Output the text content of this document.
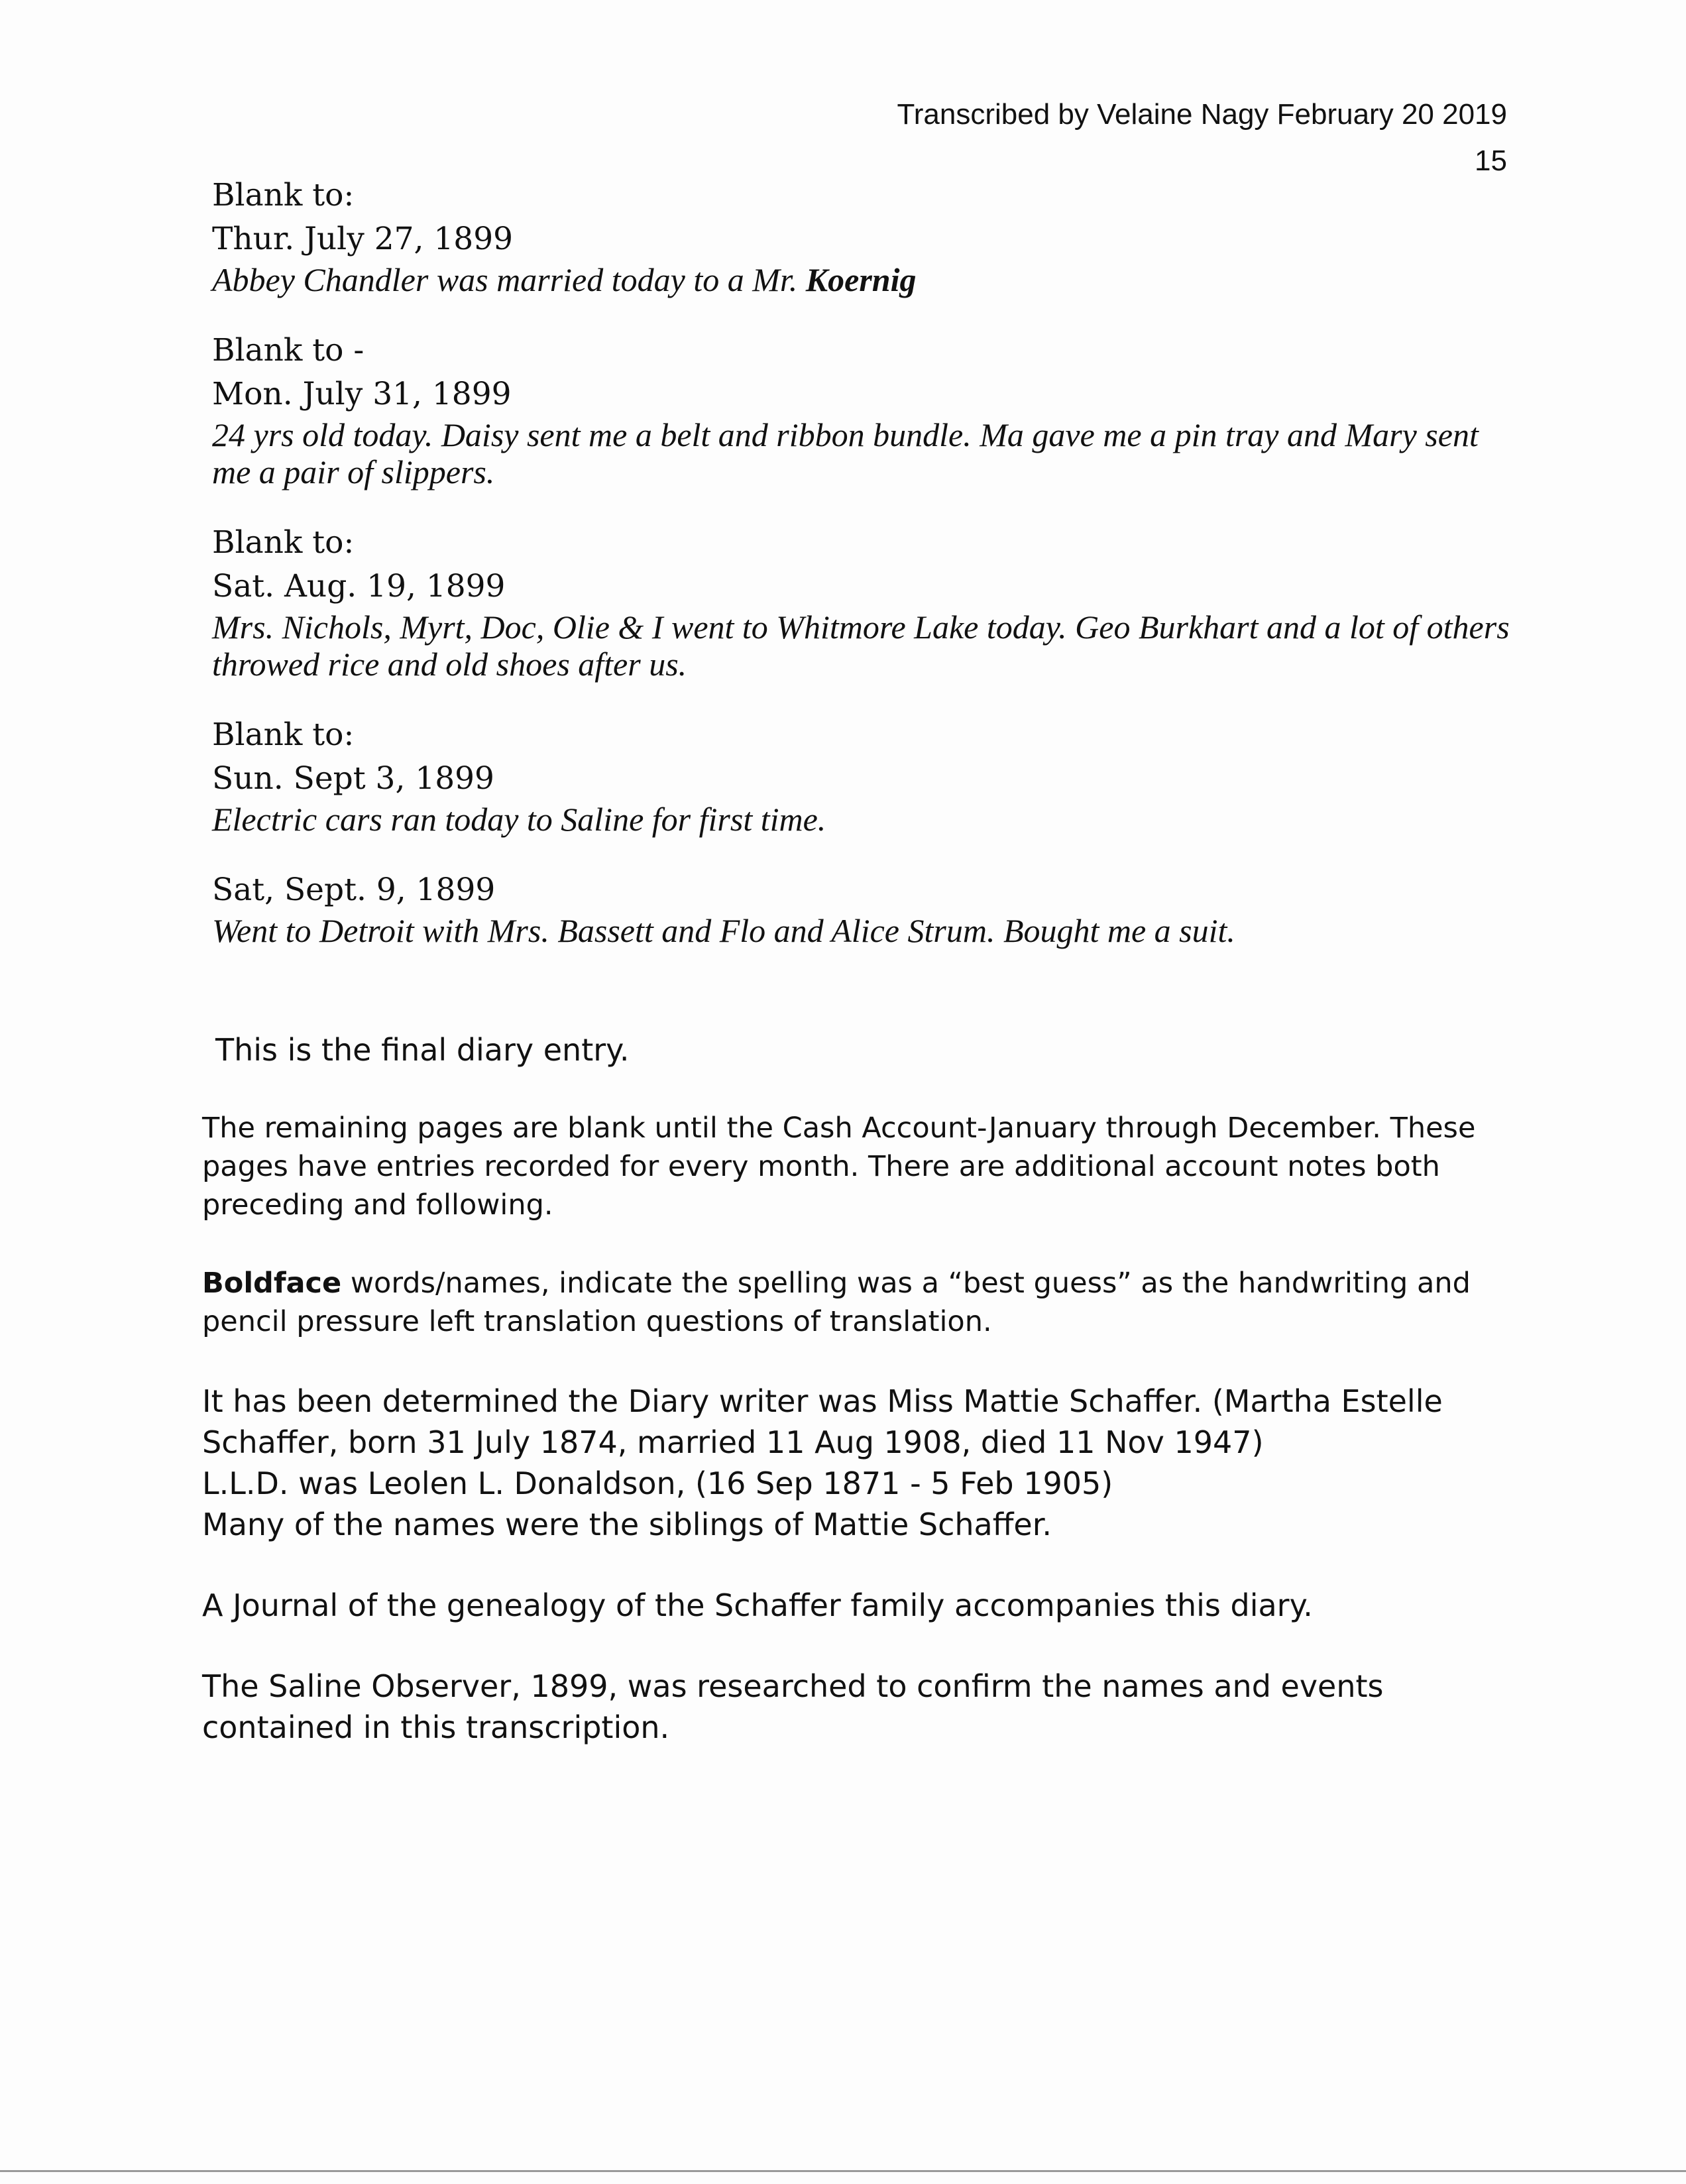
Transcribed by Velaine Nagy February 20 2019
15
Blank to:
Thur. July 27, 1899
Abbey Chandler was married today to a Mr. Koernig
Blank to -
Mon. July 31, 1899
24 yrs old today. Daisy sent me a belt and ribbon bundle. Ma gave me a pin tray and Mary sent me a pair of slippers.
Blank to:
Sat. Aug. 19, 1899
Mrs. Nichols, Myrt, Doc, Olie & I went to Whitmore Lake today. Geo Burkhart and a lot of others throwed rice and old shoes after us.
Blank to:
Sun. Sept 3, 1899
Electric cars ran today to Saline for first time.
Sat, Sept. 9, 1899
Went to Detroit with Mrs. Bassett and Flo and Alice Strum. Bought me a suit.

This is the final diary entry.

The remaining pages are blank until the Cash Account-January through December. These pages have entries recorded for every month. There are additional account notes both preceding and following.

Boldface words/names, indicate the spelling was a “best guess” as the handwriting and pencil pressure left translation questions of translation.

It has been determined the Diary writer was Miss Mattie Schaffer. (Martha Estelle Schaffer, born 31 July 1874, married 11 Aug 1908, died 11 Nov 1947)
L.L.D. was Leolen L. Donaldson, (16 Sep 1871 - 5 Feb 1905)
Many of the names were the siblings of Mattie Schaffer.

A Journal of the genealogy of the Schaffer family accompanies this diary.

The Saline Observer, 1899, was researched to confirm the names and events contained in this transcription.
